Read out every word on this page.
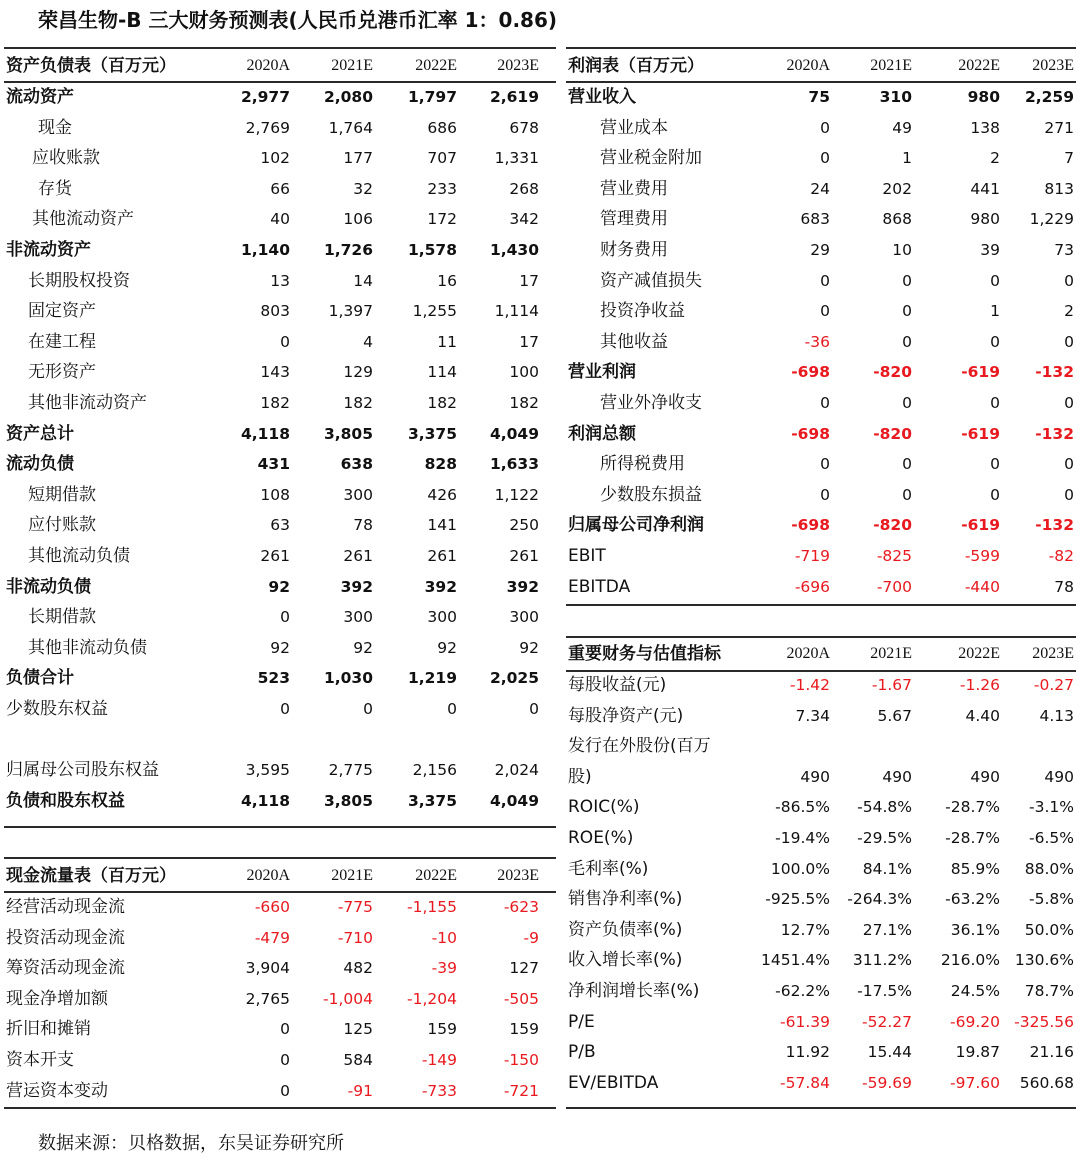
荣昌生物-B 三大财务预测表(人民币兑港币汇率 1：0.86)
资产负债表（百万元）	2020A	2021E	2022E	2023E
流动资产	2,977 2,080 1,797 2,619
现金	2,769 1,764	686	678
应收账款	102	177	707 1,331
存货	66	32	233	268
其他流动资产	40	106	172	342
非流动资产	1,140 1,726 1,578 1,430
长期股权投资	13	14	16	17
固定资产	803 1,397	1,255 1,114
在建工程	0	4	11	17
无形资产	143	129	114	100
其他非流动资产	182	182	182	182
资产总计	4,118 3,805 3,375 4,049
流动负债	431	638	828 1,633
短期借款	108	300	426 1,122
应付账款	63	78	141	250
其他流动负债	261	261	261	261
非流动负债	92	392	392	392
长期借款	0	300	300	300
其他非流动负债	92	92	92	92
负债合计	523 1,030 1,219 2,025
少数股东权益	0	0	0	0
归属母公司股东权益	3,595 2,775	2,156 2,024
负债和股东权益	4,118 3,805 3,375 4,049
利润表（百万元）	2020A	2021E	2022E 2023E
营业收入	75	310	980 2,259
营业成本	0	49	138	271
营业税金附加	0	1	2	7
营业费用	24	202	441	813
管理费用	683	868	980 1,229
财务费用	29	10	39	73
资产减值损失	0	0	0	0
投资净收益	0	0	1	2
其他收益	-36	0	0	0
营业利润	-698	-820	-619 -132
营业外净收支	0	0	0	0
利润总额	-698	-820	-619 -132
所得税费用	0	0	0	0
少数股东损益	0	0	0	0
归属母公司净利润	-698	-820	-619 -132
EBIT	-719	-825	-599	-82
EBITDA	-696	-700	-440	78
重要财务与估值指标	2020A	2021E	2022E 2023E
每股收益(元)	-1.42	-1.67	-1.26 -0.27
每股净资产(元)	7.34	5.67	4.40	4.13
发行在外股份(百万
股)	490	490	490	490
ROIC(%)	-86.5% -54.8% -28.7% -3.1%
ROE(%)	-19.4% -29.5% -28.7% -6.5%
毛利率(%)	100.0% 84.1%	85.9% 88.0%
销售净利率(%)	-925.5% -264.3% -63.2% -5.8%
资产负债率(%)	12.7% 27.1%	36.1% 50.0%
收入增长率(%)	1451.4% 311.2% 216.0% 130.6%
净利润增长率(%)	-62.2% -17.5%	24.5% 78.7%
P/E	-61.39 -52.27 -69.20 -325.56
P/B	11.92 15.44	19.87 21.16
EV/EBITDA	-57.84 -59.69 -97.60 560.68
现金流量表（百万元）	2020A	2021E	2022E	2023E
经营活动现金流	-660	-775 -1,155	-623
投资活动现金流	-479	-710	-10	-9
筹资活动现金流	3,904	482	-39	127
现金净增加额	2,765 -1,004 -1,204	-505
折旧和摊销	0	125	159	159
资本开支	0	584	-149	-150
营运资本变动	0	-91	-733	-721
数据来源：贝格数据，东吴证券研究所
